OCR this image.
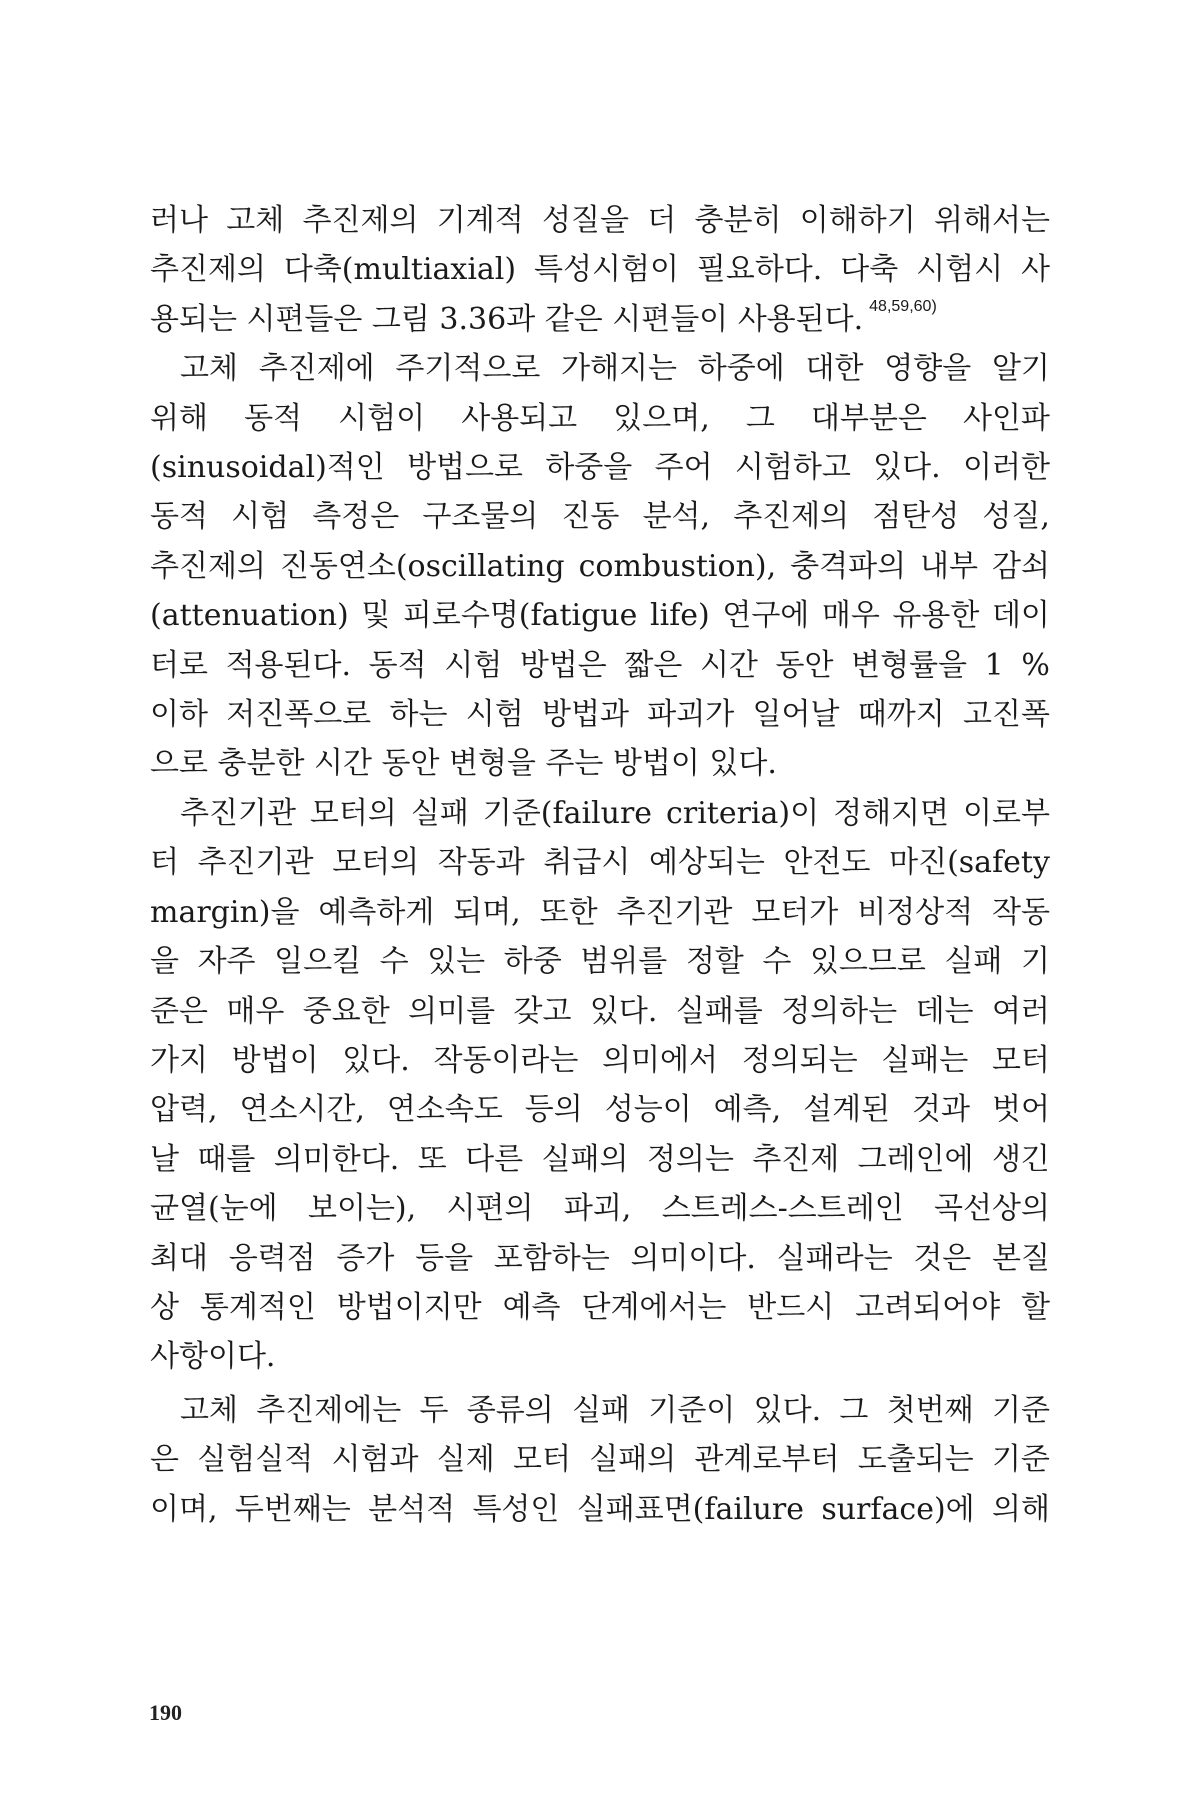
러나 고체 추진제의 기계적 성질을 더 충분히 이해하기 위해서는
추진제의 다축(multiaxial) 특성시험이 필요하다. 다축 시험시 사
용되는 시편들은 그림 3.36과 같은 시편들이 사용된다. 48,59,60)
고체 추진제에 주기적으로 가해지는 하중에 대한 영향을 알기
위해 동적 시험이 사용되고 있으며, 그 대부분은 사인파
(sinusoidal)적인 방법으로 하중을 주어 시험하고 있다. 이러한
동적 시험 측정은 구조물의 진동 분석, 추진제의 점탄성 성질,
추진제의 진동연소(oscillating combustion), 충격파의 내부 감쇠
(attenuation) 및 피로수명(fatigue life) 연구에 매우 유용한 데이
터로 적용된다. 동적 시험 방법은 짧은 시간 동안 변형률을 1 %
이하 저진폭으로 하는 시험 방법과 파괴가 일어날 때까지 고진폭
으로 충분한 시간 동안 변형을 주는 방법이 있다.
추진기관 모터의 실패 기준(failure criteria)이 정해지면 이로부
터 추진기관 모터의 작동과 취급시 예상되는 안전도 마진(safety
margin)을 예측하게 되며, 또한 추진기관 모터가 비정상적 작동
을 자주 일으킬 수 있는 하중 범위를 정할 수 있으므로 실패 기
준은 매우 중요한 의미를 갖고 있다. 실패를 정의하는 데는 여러
가지 방법이 있다. 작동이라는 의미에서 정의되는 실패는 모터
압력, 연소시간, 연소속도 등의 성능이 예측, 설계된 것과 벗어
날 때를 의미한다. 또 다른 실패의 정의는 추진제 그레인에 생긴
균열(눈에 보이는), 시편의 파괴, 스트레스-스트레인 곡선상의
최대 응력점 증가 등을 포함하는 의미이다. 실패라는 것은 본질
상 통계적인 방법이지만 예측 단계에서는 반드시 고려되어야 할
사항이다.
고체 추진제에는 두 종류의 실패 기준이 있다. 그 첫번째 기준
은 실험실적 시험과 실제 모터 실패의 관계로부터 도출되는 기준
이며, 두번째는 분석적 특성인 실패표면(failure surface)에 의해
190
